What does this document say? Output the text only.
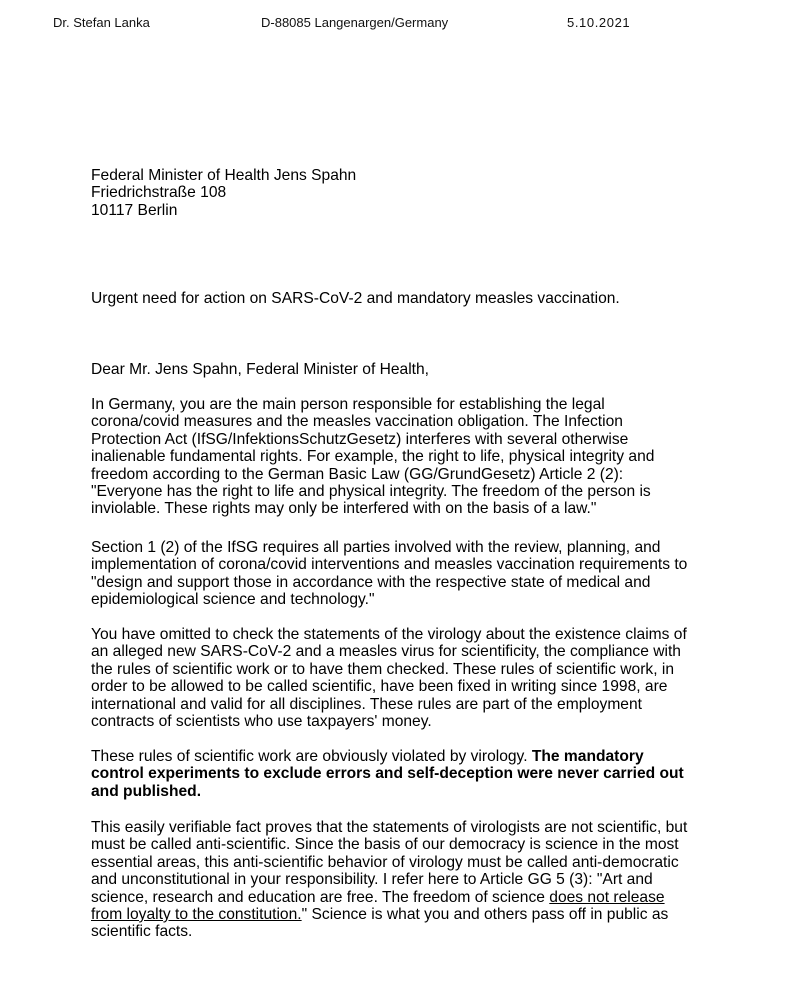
Dr. Stefan Lanka	D-88085 Langenargen/Germany	5.10.2021
Federal Minister of Health Jens Spahn
Friedrichstraße 108
10117 Berlin
Urgent need for action on SARS-CoV-2 and mandatory measles vaccination.
Dear Mr. Jens Spahn, Federal Minister of Health,

In Germany, you are the main person responsible for establishing the legal corona/covid measures and the measles vaccination obligation. The Infection Protection Act (IfSG/InfektionsSchutzGesetz) interferes with several otherwise inalienable fundamental rights. For example, the right to life, physical integrity and freedom according to the German Basic Law (GG/GrundGesetz) Article 2 (2): "Everyone has the right to life and physical integrity. The freedom of the person is inviolable. These rights may only be interfered with on the basis of a law."

Section 1 (2) of the IfSG requires all parties involved with the review, planning, and implementation of corona/covid interventions and measles vaccination requirements to "design and support those in accordance with the respective state of medical and epidemiological science and technology."

You have omitted to check the statements of the virology about the existence claims of an alleged new SARS-CoV-2 and a measles virus for scientificity, the compliance with the rules of scientific work or to have them checked. These rules of scientific work, in order to be allowed to be called scientific, have been fixed in writing since 1998, are international and valid for all disciplines. These rules are part of the employment contracts of scientists who use taxpayers' money.

These rules of scientific work are obviously violated by virology. The mandatory control experiments to exclude errors and self-deception were never carried out and published.

This easily verifiable fact proves that the statements of virologists are not scientific, but must be called anti-scientific. Since the basis of our democracy is science in the most essential areas, this anti-scientific behavior of virology must be called anti-democratic and unconstitutional in your responsibility. I refer here to Article GG 5 (3): "Art and science, research and education are free. The freedom of science does not release from loyalty to the constitution." Science is what you and others pass off in public as scientific facts.
